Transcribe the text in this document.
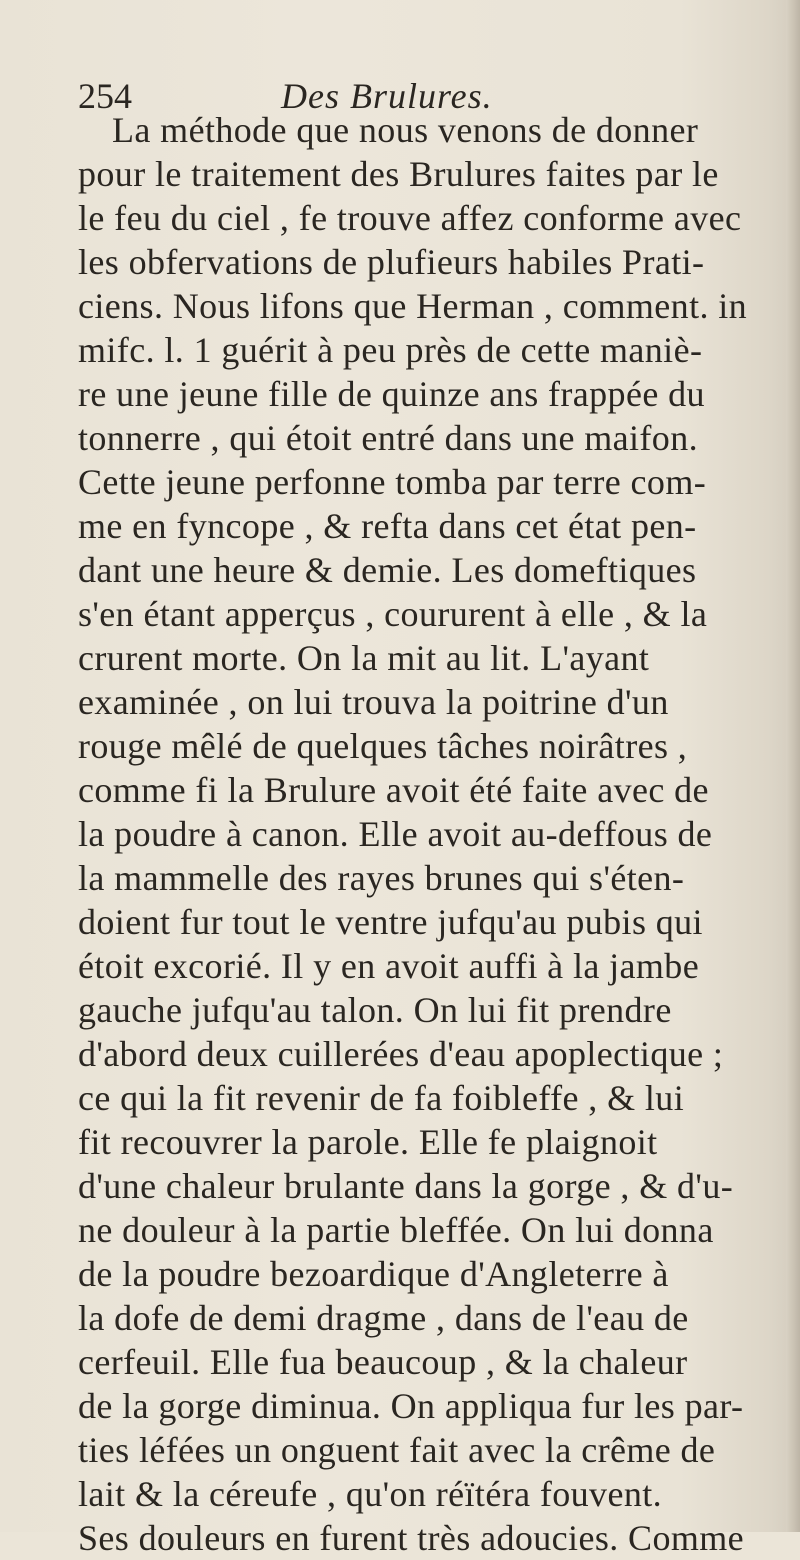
254	Des Brulures.
La méthode que nous venons de donner
pour le traitement des Brulures faites par le
le feu du ciel , fe trouve affez conforme avec
les obfervations de plufieurs habiles Prati-
ciens. Nous lifons que Herman , comment. in
mifc. l. 1 guérit à peu près de cette maniè-
re une jeune fille de quinze ans frappée du
tonnerre , qui étoit entré dans une maifon.
Cette jeune perfonne tomba par terre com-
me en fyncope , & refta dans cet état pen-
dant une heure & demie. Les domeftiques
s'en étant apperçus , coururent à elle , & la
crurent morte. On la mit au lit. L'ayant
examinée , on lui trouva la poitrine d'un
rouge mêlé de quelques tâches noirâtres ,
comme fi la Brulure avoit été faite avec de
la poudre à canon. Elle avoit au-deffous de
la mammelle des rayes brunes qui s'éten-
doient fur tout le ventre jufqu'au pubis qui
étoit excorié. Il y en avoit auffi à la jambe
gauche jufqu'au talon. On lui fit prendre
d'abord deux cuillerées d'eau apoplectique ;
ce qui la fit revenir de fa foibleffe , & lui
fit recouvrer la parole. Elle fe plaignoit
d'une chaleur brulante dans la gorge , & d'u-
ne douleur à la partie bleffée. On lui donna
de la poudre bezoardique d'Angleterre à
la dofe de demi dragme , dans de l'eau de
cerfeuil. Elle fua beaucoup , & la chaleur
de la gorge diminua. On appliqua fur les par-
ties léfées un onguent fait avec la crême de
lait & la céreufe , qu'on réïtéra fouvent.
Ses douleurs en furent très adoucies. Comme
